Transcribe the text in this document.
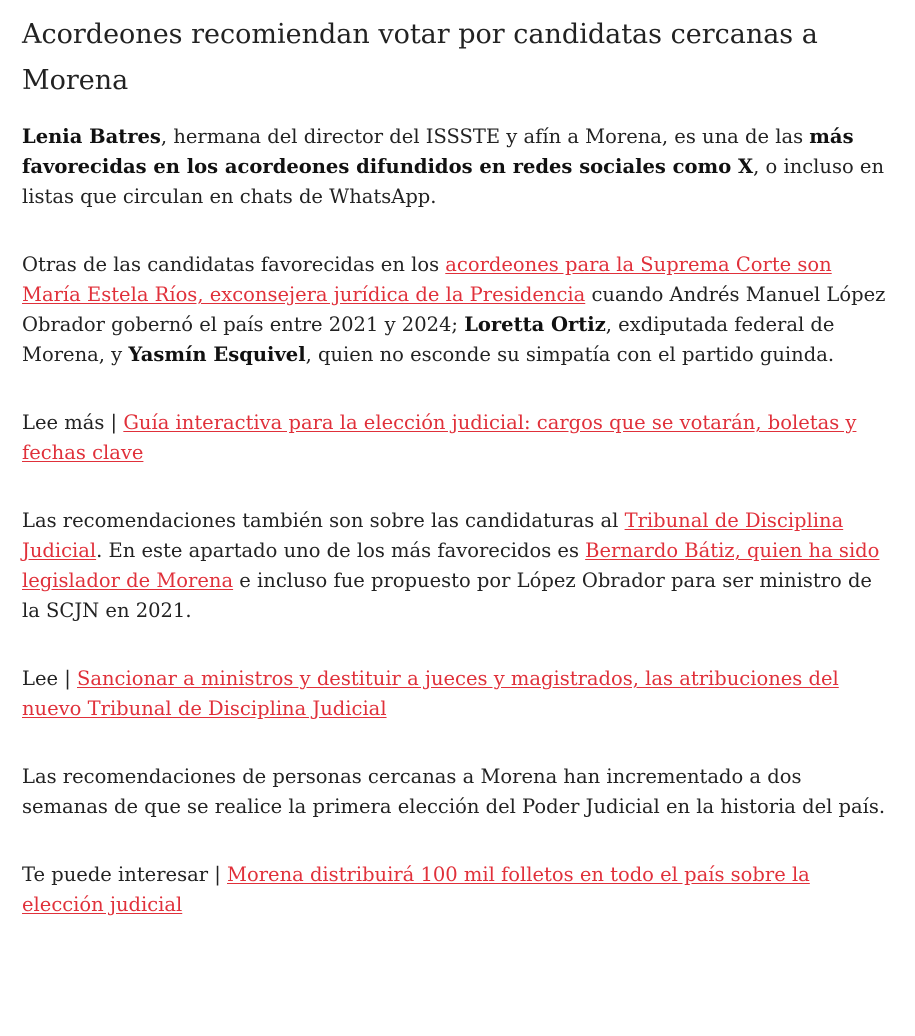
Acordeones recomiendan votar por candidatas cercanas a Morena

Lenia Batres, hermana del director del ISSSTE y afín a Morena, es una de las más favorecidas en los acordeones difundidos en redes sociales como X, o incluso en listas que circulan en chats de WhatsApp.

Otras de las candidatas favorecidas en los acordeones para la Suprema Corte son María Estela Ríos, exconsejera jurídica de la Presidencia cuando Andrés Manuel López Obrador gobernó el país entre 2021 y 2024; Loretta Ortiz, exdiputada federal de Morena, y Yasmín Esquivel, quien no esconde su simpatía con el partido guinda.

Lee más | Guía interactiva para la elección judicial: cargos que se votarán, boletas y fechas clave

Las recomendaciones también son sobre las candidaturas al Tribunal de Disciplina Judicial. En este apartado uno de los más favorecidos es Bernardo Bátiz, quien ha sido legislador de Morena e incluso fue propuesto por López Obrador para ser ministro de la SCJN en 2021.

Lee | Sancionar a ministros y destituir a jueces y magistrados, las atribuciones del nuevo Tribunal de Disciplina Judicial

Las recomendaciones de personas cercanas a Morena han incrementado a dos semanas de que se realice la primera elección del Poder Judicial en la historia del país.

Te puede interesar | Morena distribuirá 100 mil folletos en todo el país sobre la elección judicial
